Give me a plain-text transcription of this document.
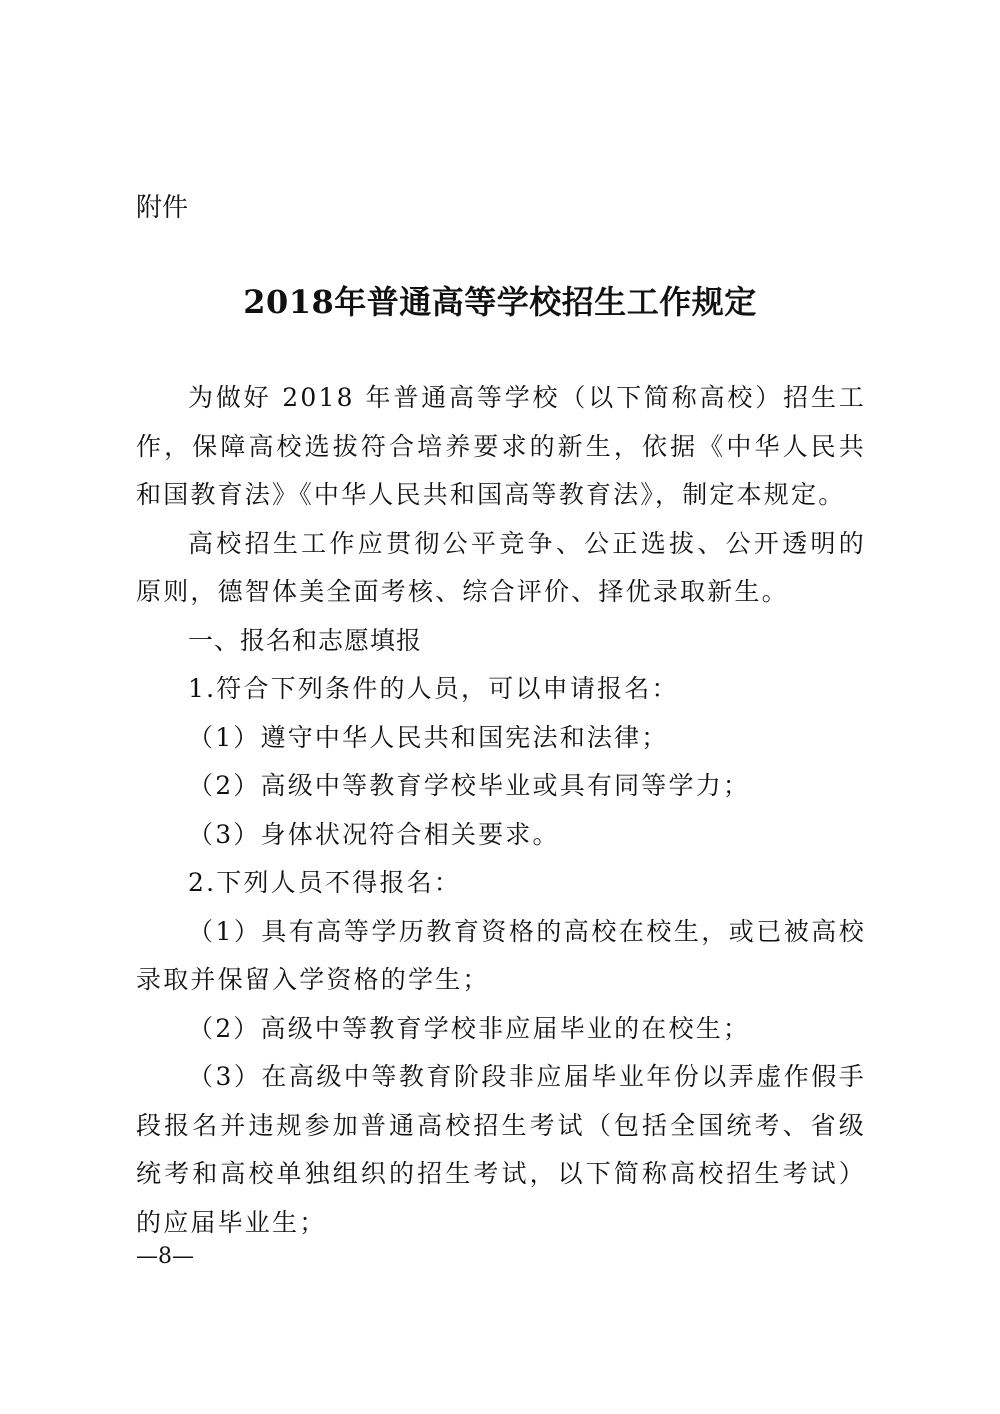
附件
2018年普通高等学校招生工作规定

为做好 2018 年普通高等学校（以下简称高校）招生工作，保障高校选拔符合培养要求的新生，依据《中华人民共和国教育法》《中华人民共和国高等教育法》，制定本规定。

高校招生工作应贯彻公平竞争、公正选拔、公开透明的原则，德智体美全面考核、综合评价、择优录取新生。

一、报名和志愿填报

1.符合下列条件的人员，可以申请报名：

（1）遵守中华人民共和国宪法和法律；

（2）高级中等教育学校毕业或具有同等学力；

（3）身体状况符合相关要求。

2.下列人员不得报名：

（1）具有高等学历教育资格的高校在校生，或已被高校录取并保留入学资格的学生；

（2）高级中等教育学校非应届毕业的在校生；

（3）在高级中等教育阶段非应届毕业年份以弄虚作假手段报名并违规参加普通高校招生考试（包括全国统考、省级统考和高校单独组织的招生考试，以下简称高校招生考试）的应届毕业生；

—8—
